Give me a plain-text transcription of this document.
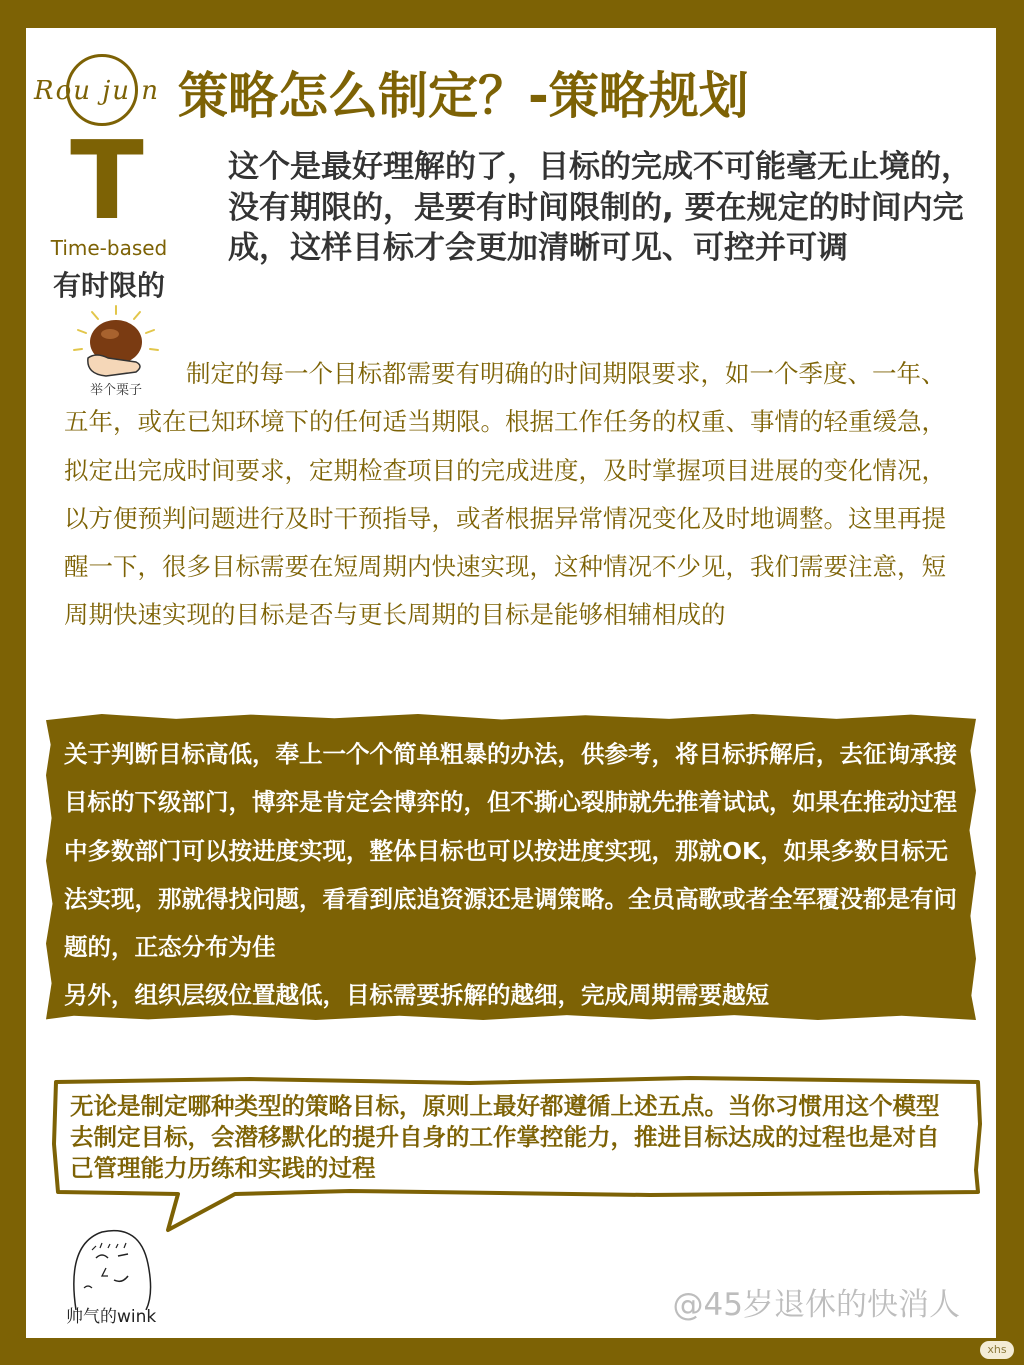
Rou ju n 策略怎么制定？-策略规划
T
Time-based
有时限的
这个是最好理解的了，目标的完成不可能毫无止境的，没有期限的，是要有时间限制的, 要在规定的时间内完成，这样目标才会更加清晰可见、可控并可调
举个栗子
制定的每一个目标都需要有明确的时间期限要求，如一个季度、一年、五年，或在已知环境下的任何适当期限。根据工作任务的权重、事情的轻重缓急，拟定出完成时间要求，定期检查项目的完成进度，及时掌握项目进展的变化情况，以方便预判问题进行及时干预指导，或者根据异常情况变化及时地调整。这里再提醒一下，很多目标需要在短周期内快速实现，这种情况不少见，我们需要注意，短周期快速实现的目标是否与更长周期的目标是能够相辅相成的
关于判断目标高低，奉上一个个简单粗暴的办法，供参考，将目标拆解后，去征询承接目标的下级部门，博弈是肯定会博弈的，但不撕心裂肺就先推着试试，如果在推动过程中多数部门可以按进度实现，整体目标也可以按进度实现，那就OK，如果多数目标无法实现，那就得找问题，看看到底追资源还是调策略。全员高歌或者全军覆没都是有问题的，正态分布为佳
另外，组织层级位置越低，目标需要拆解的越细，完成周期需要越短
无论是制定哪种类型的策略目标，原则上最好都遵循上述五点。当你习惯用这个模型去制定目标，会潜移默化的提升自身的工作掌控能力，推进目标达成的过程也是对自己管理能力历练和实践的过程
帅气的wink	@45岁退休的快消人
xhs
